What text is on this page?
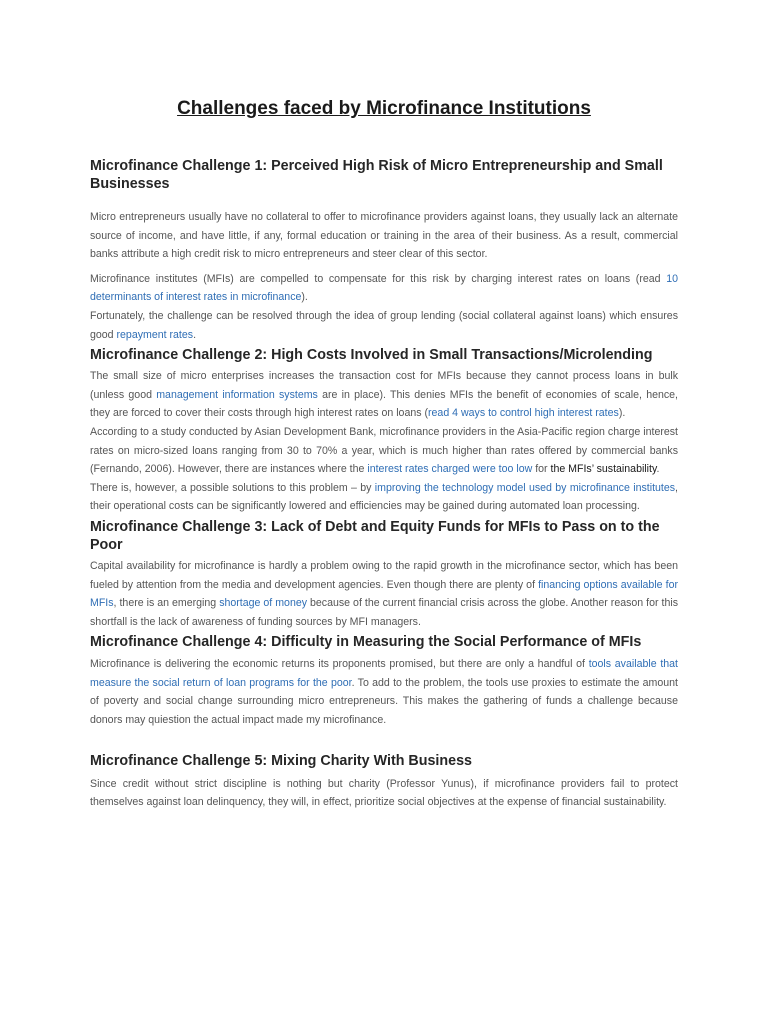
Challenges faced by Microfinance Institutions
Microfinance Challenge 1: Perceived High Risk of Micro Entrepreneurship and Small Businesses

Micro entrepreneurs usually have no collateral to offer to microfinance providers against loans, they usually lack an alternate source of income, and have little, if any, formal education or training in the area of their business. As a result, commercial banks attribute a high credit risk to micro entrepreneurs and steer clear of this sector.

Microfinance institutes (MFIs) are compelled to compensate for this risk by charging interest rates on loans (read 10 determinants of interest rates in microfinance).

Fortunately, the challenge can be resolved through the idea of group lending (social collateral against loans) which ensures good repayment rates.

Microfinance Challenge 2: High Costs Involved in Small Transactions/Microlending

The small size of micro enterprises increases the transaction cost for MFIs because they cannot process loans in bulk (unless good management information systems are in place). This denies MFIs the benefit of economies of scale, hence, they are forced to cover their costs through high interest rates on loans (read 4 ways to control high interest rates).

According to a study conducted by Asian Development Bank, microfinance providers in the Asia-Pacific region charge interest rates on micro-sized loans ranging from 30 to 70% a year, which is much higher than rates offered by commercial banks (Fernando, 2006). However, there are instances where the interest rates charged were too low for the MFIs’ sustainability.

There is, however, a possible solutions to this problem – by improving the technology model used by microfinance institutes, their operational costs can be significantly lowered and efficiencies may be gained during automated loan processing.

Microfinance Challenge 3: Lack of Debt and Equity Funds for MFIs to Pass on to the Poor

Capital availability for microfinance is hardly a problem owing to the rapid growth in the microfinance sector, which has been fueled by attention from the media and development agencies. Even though there are plenty of financing options available for MFIs, there is an emerging shortage of money because of the current financial crisis across the globe. Another reason for this shortfall is the lack of awareness of funding sources by MFI managers.

Microfinance Challenge 4: Difficulty in Measuring the Social Performance of MFIs

Microfinance is delivering the economic returns its proponents promised, but there are only a handful of tools available that measure the social return of loan programs for the poor. To add to the problem, the tools use proxies to estimate the amount of poverty and social change surrounding micro entrepreneurs. This makes the gathering of funds a challenge because donors may quiestion the actual impact made my microfinance.

Microfinance Challenge 5: Mixing Charity With Business

Since credit without strict discipline is nothing but charity (Professor Yunus), if microfinance providers fail to protect themselves against loan delinquency, they will, in effect, prioritize social objectives at the expense of financial sustainability.
